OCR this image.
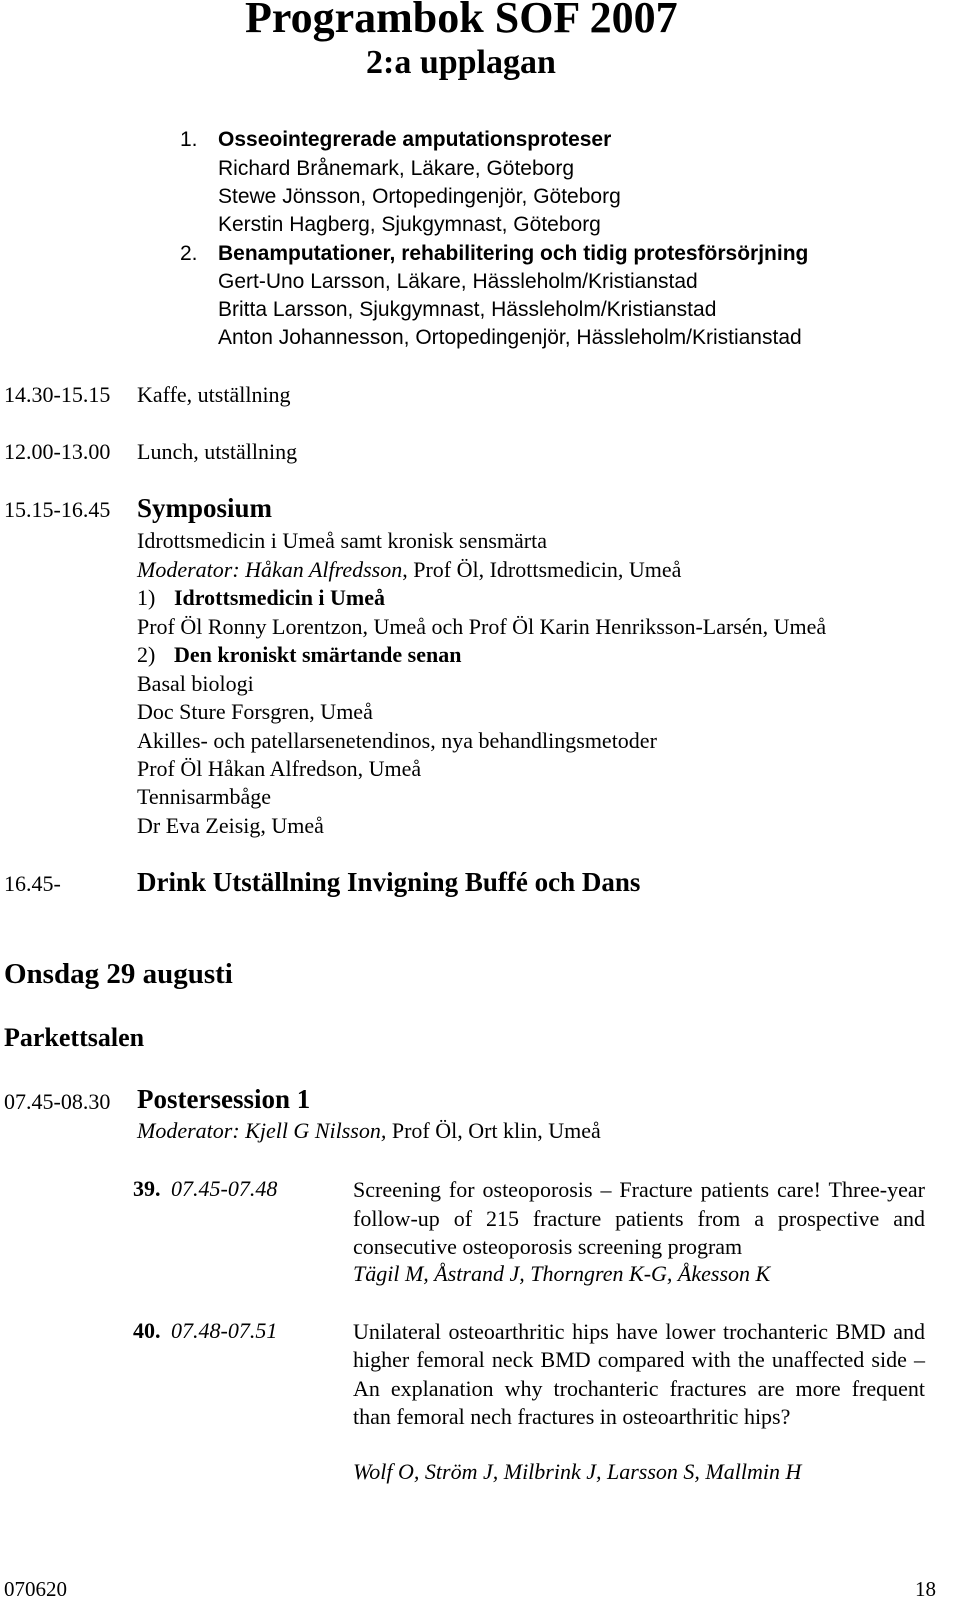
Programbok SOF 2007
2:a upplagan
1. Osseointegrerade amputationsproteser
Richard Brånemark, Läkare, Göteborg
Stewe Jönsson, Ortopedingenjör, Göteborg
Kerstin Hagberg, Sjukgymnast, Göteborg
2. Benamputationer, rehabilitering och tidig protesförsörjning
Gert-Uno Larsson, Läkare, Hässleholm/Kristianstad
Britta Larsson, Sjukgymnast, Hässleholm/Kristianstad
Anton Johannesson, Ortopedingenjör, Hässleholm/Kristianstad
14.30-15.15 Kaffe, utställning
12.00-13.00 Lunch, utställning
15.15-16.45 Symposium
Idrottsmedicin i Umeå samt kronisk sensmärta
Moderator: Håkan Alfredsson, Prof Öl, Idrottsmedicin, Umeå
1) Idrottsmedicin i Umeå
Prof Öl Ronny Lorentzon, Umeå och Prof Öl Karin Henriksson-Larsén, Umeå
2) Den kroniskt smärtande senan
Basal biologi
Doc Sture Forsgren, Umeå
Akilles- och patellarsenetendinos, nya behandlingsmetoder
Prof Öl Håkan Alfredson, Umeå
Tennisarmbåge
Dr Eva Zeisig, Umeå
16.45-	Drink Utställning Invigning Buffé och Dans
Onsdag 29 augusti
Parkettsalen
07.45-08.30 Postersession 1
Moderator: Kjell G Nilsson, Prof Öl, Ort klin, Umeå
39. 07.45-07.48	Screening for osteoporosis – Fracture patients care! Three-year follow-up of 215 fracture patients from a prospective and consecutive osteoporosis screening program
Tägil M, Åstrand J, Thorngren K-G, Åkesson K
40. 07.48-07.51	Unilateral osteoarthritic hips have lower trochanteric BMD and higher femoral neck BMD compared with the unaffected side – An explanation why trochanteric fractures are more frequent than femoral nech fractures in osteoarthritic hips?
Wolf O, Ström J, Milbrink J, Larsson S, Mallmin H
070620	18
